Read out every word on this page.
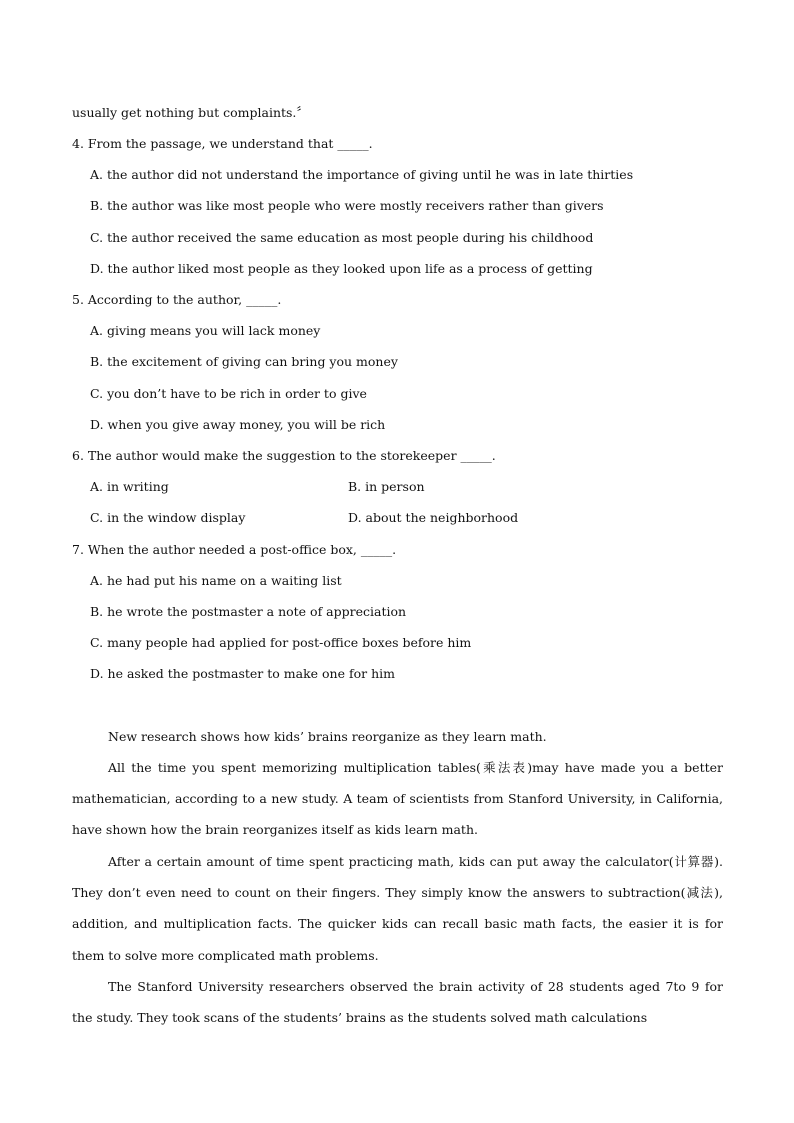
usually get nothing but complaints.〞
4. From the passage, we understand that _____.
A. the author did not understand the importance of giving until he was in late thirties
B. the author was like most people who were mostly receivers rather than givers
C. the author received the same education as most people during his childhood
D. the author liked most people as they looked upon life as a process of getting
5. According to the author, _____.
A. giving means you will lack money
B. the excitement of giving can bring you money
C. you don’t have to be rich in order to give
D. when you give away money, you will be rich
6. The author would make the suggestion to the storekeeper _____.
A. in writing	B. in person
C. in the window display	D. about the neighborhood
7. When the author needed a post-office box, _____.
A. he had put his name on a waiting list
B. he wrote the postmaster a note of appreciation
C. many people had applied for post-office boxes before him
D. he asked the postmaster to make one for him
New research shows how kids’ brains reorganize as they learn math.

All the time you spent memorizing multiplication tables(乘法表)may have made you a better mathematician, according to a new study. A team of scientists from Stanford University, in California, have shown how the brain reorganizes itself as kids learn math.

After a certain amount of time spent practicing math, kids can put away the calculator(计算器). They don’t even need to count on their fingers. They simply know the answers to subtraction(减法), addition, and multiplication facts. The quicker kids can recall basic math facts, the easier it is for them to solve more complicated math problems.

The Stanford University researchers observed the brain activity of 28 students aged 7to 9 for the study. They took scans of the students’ brains as the students solved math calculations
